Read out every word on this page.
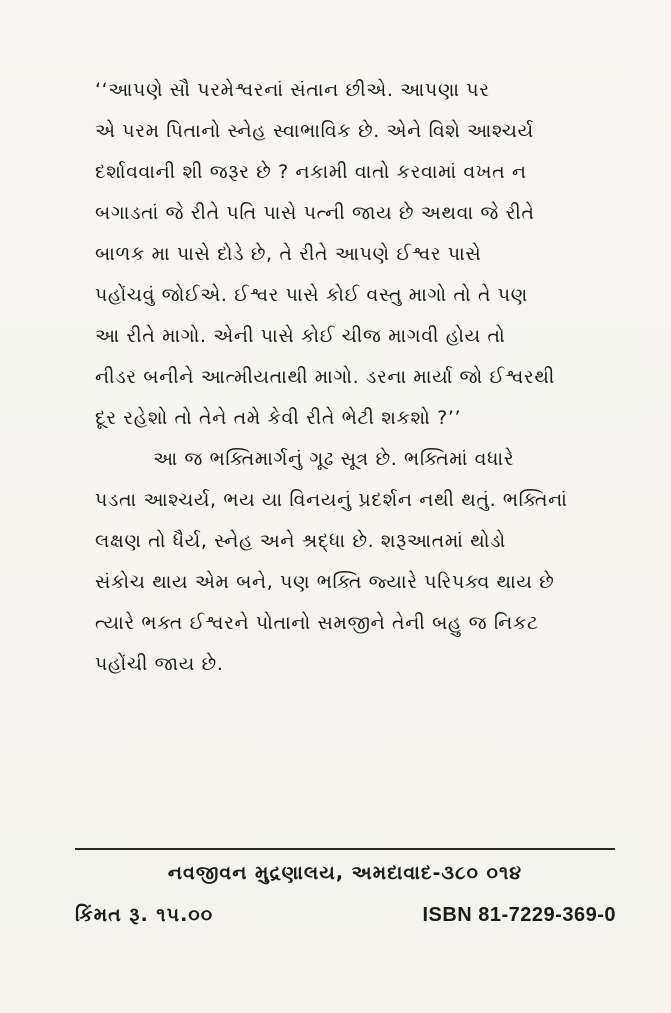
‘‘આપણે સૌ પરમેશ્વરનાં સંતાન છીએ. આપણા પર
એ પરમ પિતાનો સ્નેહ સ્વાભાવિક છે. એને વિશે આશ્ચર્ય
દર્શાવવાની શી જરૂર છે ? નકામી વાતો કરવામાં વખત ન
બગાડતાં જે રીતે પતિ પાસે પત્ની જાય છે અથવા જે રીતે
બાળક મા પાસે દોડે છે, તે રીતે આપણે ઈશ્વર પાસે
પહોંચવું જોઈએ. ઈશ્વર પાસે કોઈ વસ્તુ માગો તો તે પણ
આ રીતે માગો. એની પાસે કોઈ ચીજ માગવી હોય તો
નીડર બનીને આત્મીયતાથી માગો. ડરના માર્યા જો ઈશ્વરથી
દૂર રહેશો તો તેને તમે કેવી રીતે ભેટી શકશો ?’’
આ જ ભક્તિમાર્ગનું ગૂઢ સૂત્ર છે. ભક્તિમાં વધારે
પડતા આશ્ચર્ય, ભય યા વિનયનું પ્રદર્શન નથી થતું. ભક્તિનાં
લક્ષણ તો ધૈર્ય, સ્નેહ અને શ્રદ્ધા છે. શરૂઆતમાં થોડો
સંકોચ થાય એમ બને, પણ ભક્તિ જ્યારે પરિપક્વ થાય છે
ત્યારે ભક્ત ઈશ્વરને પોતાનો સમજીને તેની બહુ જ નિકટ
પહોંચી જાય છે.
નવજીવન મુદ્રણાલય, અમદાવાદ-૩૮૦ ૦૧૪
કિંમત રૂ. ૧૫.૦૦	ISBN 81-7229-369-0
